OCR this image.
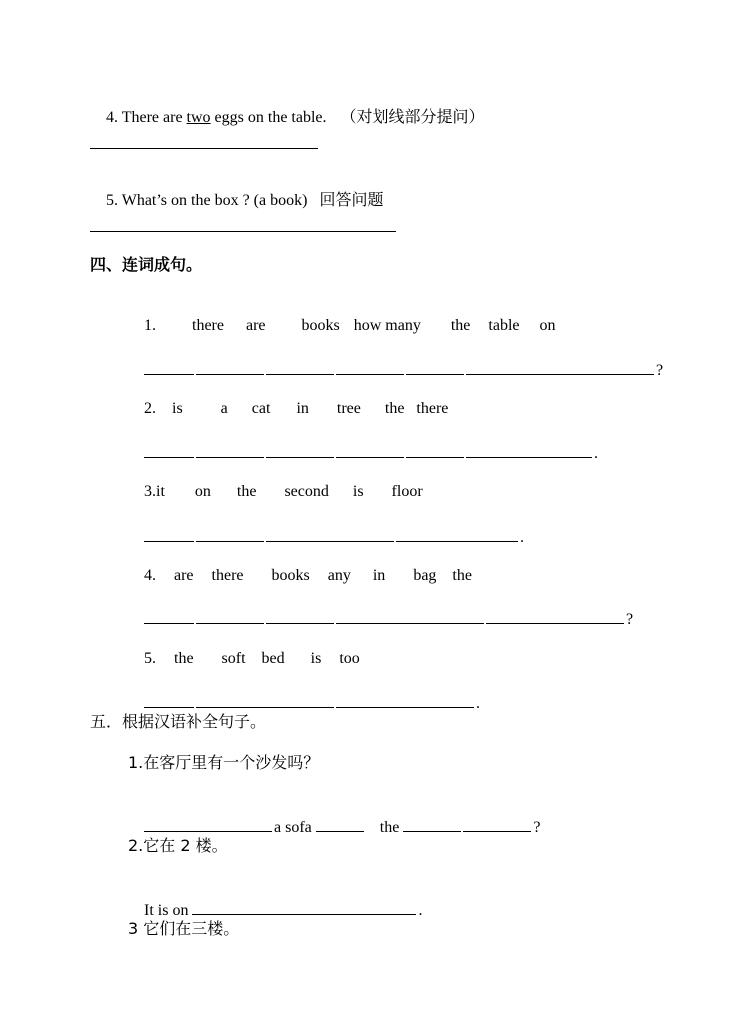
4. There are two eggs on the table. （对划线部分提问）

5. What’s on the box ? (a book) 回答问题

四、连词成句。

1. there are books how many the table on

?

2. is a cat in tree the there

.

3.it on the second is floor

.

4. are there books any in bag the

?

5. the soft bed is too

.

五．根据汉语补全句子。
1.在客厅里有一个沙发吗？

a sofa	the	?

2.它在 2 楼。

It is on	.

3 它们在三楼。
